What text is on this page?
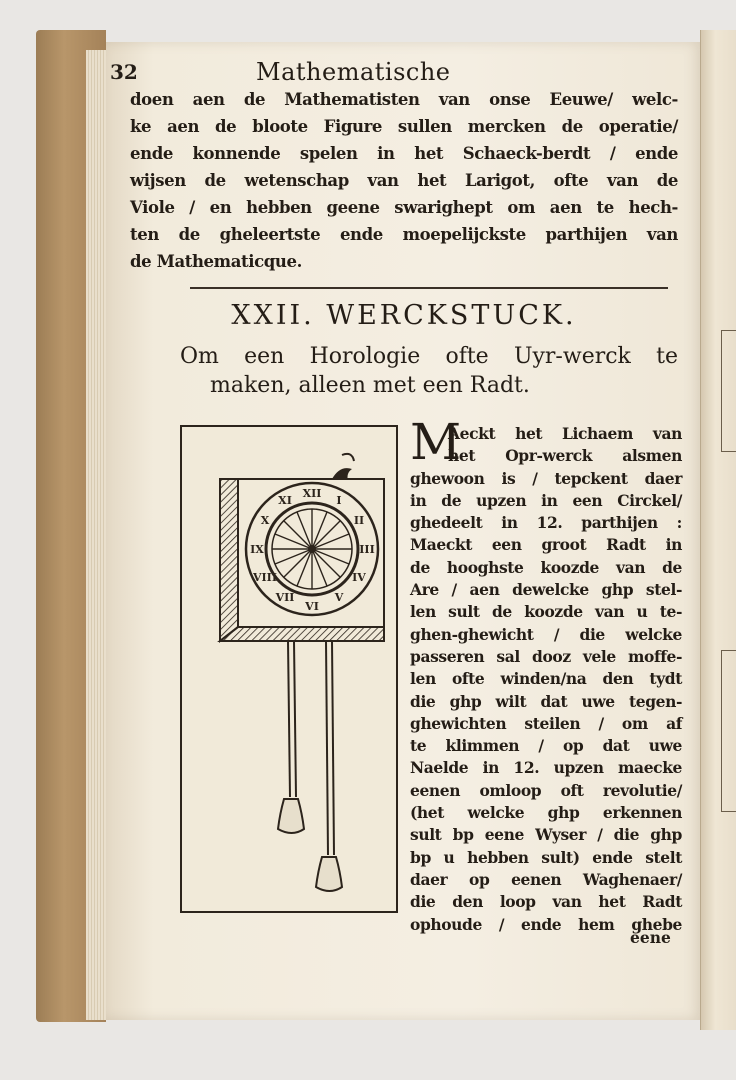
32	Mathematische
doen aen de Mathematisten van onse Eeuwe/ welc-
ke aen de bloote Figure sullen mercken de operatie/
ende konnende spelen in het Schaeck-berdt / ende
wijsen de wetenschap van het Larigot, ofte van de
Viole / en hebben geene swarighept om aen te hech-
ten de gheleertste ende moepelijckste parthijen van
de Mathematicque.
XXII. WERCKSTUCK.
Om een Horologie ofte Uyr-werck te
maken, alleen met een Radt.
XII
I
II
III
IV
V
VI
VII
VIII
IX
X
XI
M
Aeckt het Lichaem van
het Opr-werck alsmen
ghewoon is / tepckent daer
in de upzen in een Circkel/
ghedeelt in 12. parthijen :
Maeckt een groot Radt in
de hooghste koozde van de
Are / aen dewelcke ghp stel-
len sult de koozde van u te-
ghen-ghewicht / die welcke
passeren sal dooz vele moffe-
len ofte winden/na den tydt
die ghp wilt dat uwe tegen-
ghewichten steilen / om af
te klimmen / op dat uwe
Naelde in 12. upzen maecke
eenen omloop oft revolutie/
(het welcke ghp erkennen
sult bp eene Wyser / die ghp
bp u hebben sult) ende stelt
daer op eenen Waghenaer/
die den loop van het Radt
ophoude / ende hem ghebe
eene
